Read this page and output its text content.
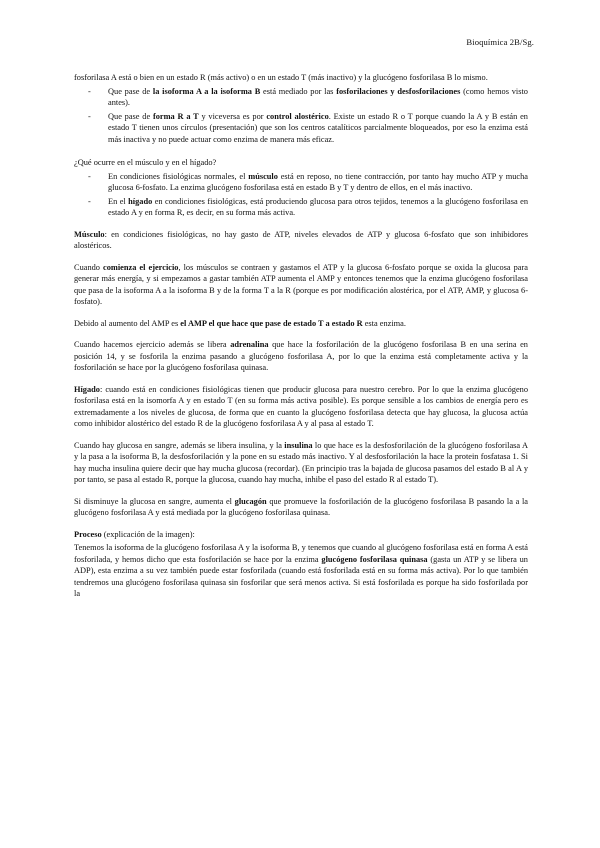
Bioquímica 2B/Sg.

fosforilasa A está o bien en un estado R (más activo) o en un estado T (más inactivo) y la glucógeno fosforilasa B lo mismo.

- Que pase de la isoforma A a la isoforma B está mediado por las fosforilaciones y desfosforilaciones (como hemos visto antes).
- Que pase de forma R a T y viceversa es por control alostérico. Existe un estado R o T porque cuando la A y B están en estado T tienen unos círculos (presentación) que son los centros catalíticos parcialmente bloqueados, por eso la enzima está más inactiva y no puede actuar como enzima de manera más eficaz.

¿Qué ocurre en el músculo y en el hígado?

- En condiciones fisiológicas normales, el músculo está en reposo, no tiene contracción, por tanto hay mucho ATP y mucha glucosa 6-fosfato. La enzima glucógeno fosforilasa está en estado B y T y dentro de ellos, en el más inactivo.
- En el hígado en condiciones fisiológicas, está produciendo glucosa para otros tejidos, tenemos a la glucógeno fosforilasa en estado A y en forma R, es decir, en su forma más activa.

Músculo: en condiciones fisiológicas, no hay gasto de ATP, niveles elevados de ATP y glucosa 6-fosfato que son inhibidores alostéricos.

Cuando comienza el ejercicio, los músculos se contraen y gastamos el ATP y la glucosa 6-fosfato porque se oxida la glucosa para generar más energía, y si empezamos a gastar también ATP aumenta el AMP y entonces tenemos que la enzima glucógeno fosforilasa que pasa de la isoforma A a la isoforma B y de la forma T a la R (porque es por modificación alostérica, por el ATP, AMP, y glucosa 6-fosfato).

Debido al aumento del AMP es el AMP el que hace que pase de estado T a estado R esta enzima.

Cuando hacemos ejercicio además se libera adrenalina que hace la fosforilación de la glucógeno fosforilasa B en una serina en posición 14, y se fosforila la enzima pasando a glucógeno fosforilasa A, por lo que la enzima está completamente activa y la fosforilación se hace por la glucógeno fosforilasa quinasa.

Hígado: cuando está en condiciones fisiológicas tienen que producir glucosa para nuestro cerebro. Por lo que la enzima glucógeno fosforilasa está en la isomorfa A y en estado T (en su forma más activa posible). Es porque sensible a los cambios de energía pero es extremadamente a los niveles de glucosa, de forma que en cuanto la glucógeno fosforilasa detecta que hay glucosa, la glucosa actúa como inhibidor alostérico del estado R de la glucógeno fosforilasa A y al pasa al estado T.

Cuando hay glucosa en sangre, además se libera insulina, y la insulina lo que hace es la desfosforilación de la glucógeno fosforilasa A y la pasa a la isoforma B, la desfosforilación y la pone en su estado más inactivo. Y al desfosforilación la hace la protein fosfatasa 1. Si hay mucha insulina quiere decir que hay mucha glucosa (recordar). (En principio tras la bajada de glucosa pasamos del estado B al A y por tanto, se pasa al estado R, porque la glucosa, cuando hay mucha, inhibe el paso del estado R al estado T).

Si disminuye la glucosa en sangre, aumenta el glucagón que promueve la fosforilación de la glucógeno fosforilasa B pasando la a la glucógeno fosforilasa A y está mediada por la glucógeno fosforilasa quinasa.

Proceso (explicación de la imagen):

Tenemos la isoforma de la glucógeno fosforilasa A y la isoforma B, y tenemos que cuando al glucógeno fosforilasa está en forma A está fosforilada, y hemos dicho que esta fosforilación se hace por la enzima glucógeno fosforilasa quinasa (gasta un ATP y se libera un ADP), esta enzima a su vez también puede estar fosforilada (cuando está fosforilada está en su forma más activa). Por lo que también tendremos una glucógeno fosforilasa quinasa sin fosforilar que será menos activa. Si está fosforilada es porque ha sido fosforilada por la
